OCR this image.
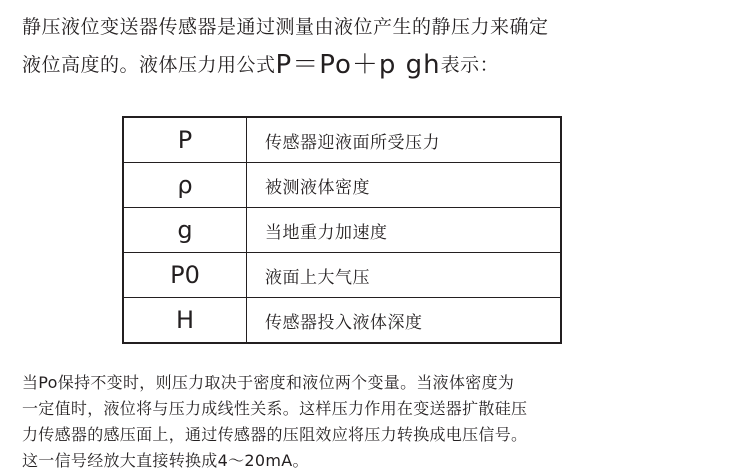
静压液位变送器传感器是通过测量由液位产生的静压力来确定
液位高度的。液体压力用公式P＝Po＋p gh表示：
P	传感器迎液面所受压力
ρ	被测液体密度
g	当地重力加速度
P0	液面上大气压
H	传感器投入液体深度

当Po保持不变时，则压力取决于密度和液位两个变量。当液体密度为

一定值时，液位将与压力成线性关系。这样压力作用在变送器扩散硅压

力传感器的感压面上，通过传感器的压阻效应将压力转换成电压信号。

这一信号经放大直接转换成4～20mA。
